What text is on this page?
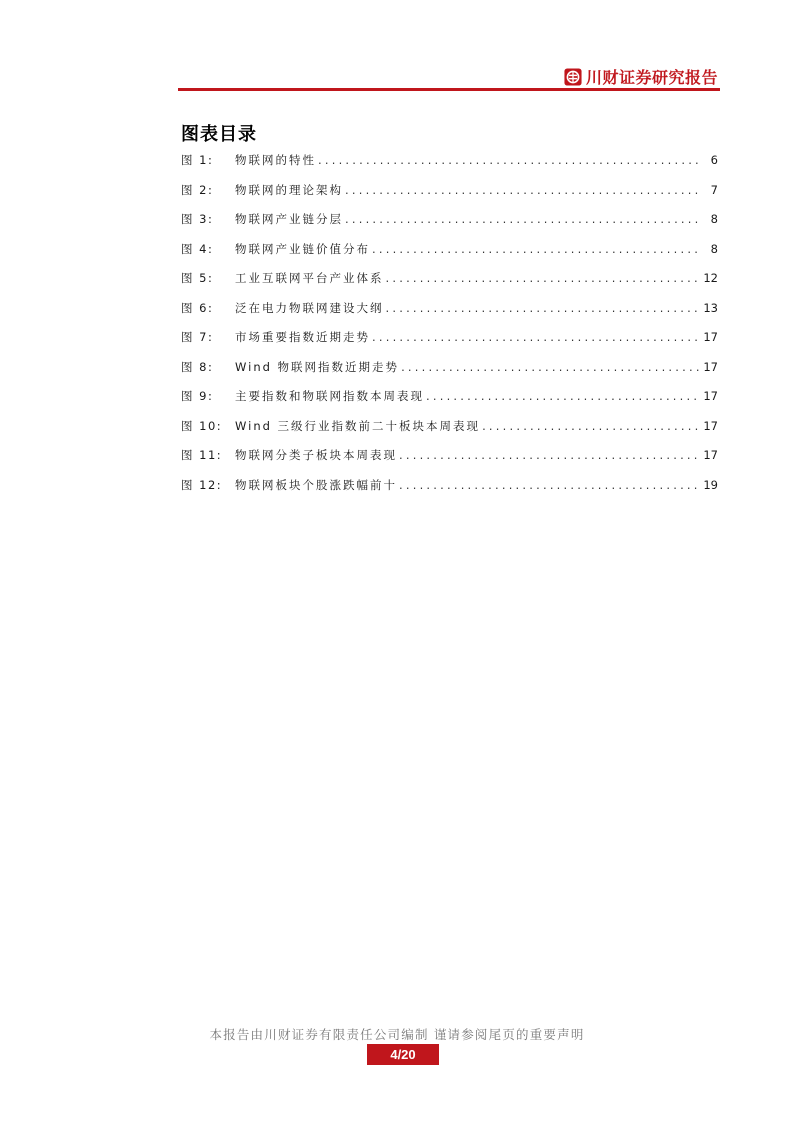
川财证券研究报告
图表目录
图 1:	物联网的特性 .....	6
图 2:	物联网的理论架构 .....	7
图 3:	物联网产业链分层 .....	8
图 4:	物联网产业链价值分布 .....	8
图 5:	工业互联网平台产业体系 .....	12
图 6:	泛在电力物联网建设大纲 .....	13
图 7:	市场重要指数近期走势 .....	17
图 8:	Wind 物联网指数近期走势 .....	17
图 9:	主要指数和物联网指数本周表现 .....	17
图 10:	Wind 三级行业指数前二十板块本周表现 .....	17
图 11:	物联网分类子板块本周表现 .....	17
图 12:	物联网板块个股涨跌幅前十 .....	19
本报告由川财证券有限责任公司编制 谨请参阅尾页的重要声明
4/20
